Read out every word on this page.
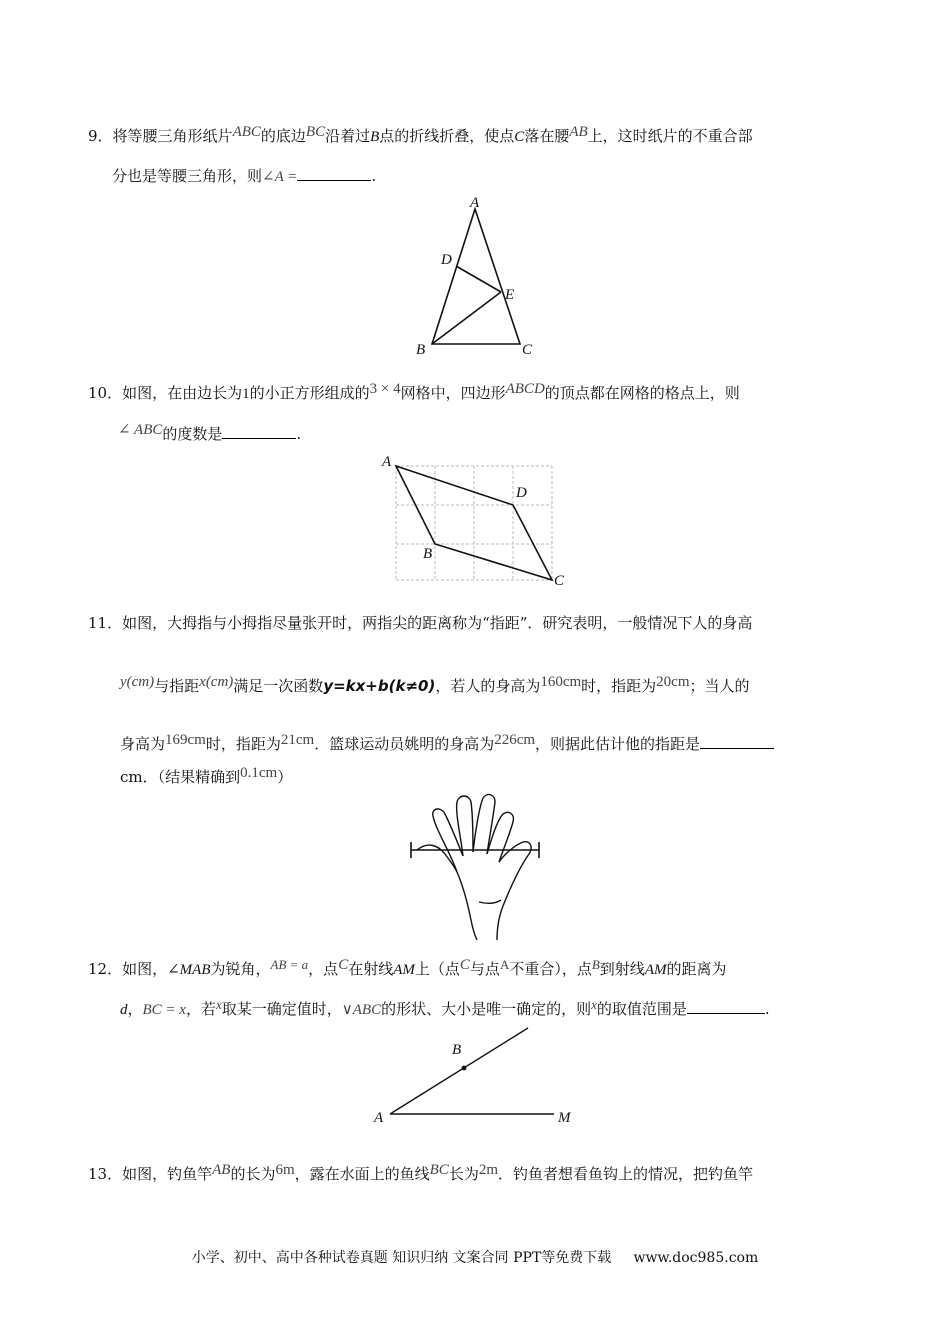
9．将等腰三角形纸片ABC的底边BC沿着过B点的折线折叠，使点C落在腰AB上，这时纸片的不重合部
分也是等腰三角形，则∠A =	.
A
D
E
B	C
10．如图，在由边长为1的小正方形组成的3 × 4网格中，四边形ABCD的顶点都在网格的格点上，则
∠ ABC的度数是	.
A
D
B
C
11．如图，大拇指与小拇指尽量张开时，两指尖的距离称为“指距”．研究表明，一般情况下人的身高
y(cm)与指距x(cm)满足一次函数y=kx+b(k≠0)，若人的身高为160cm时，指距为20cm；当人的
身高为169cm时，指距为21cm．篮球运动员姚明的身高为226cm，则据此估计他的指距是
cm．（结果精确到0.1cm）
12．如图，∠MAB为锐角，AB = a，点C在射线AM上（点C与点A不重合），点B到射线AM的距离为
d，BC = x，若x取某一确定值时，∨ABC的形状、大小是唯一确定的，则x的取值范围是	.
B
A	M
13．如图，钓鱼竿AB的长为6m，露在水面上的鱼线BC长为2m．钓鱼者想看鱼钩上的情况，把钓鱼竿
小学、初中、高中各种试卷真题 知识归纳 文案合同 PPT等免费下载 www.doc985.com
